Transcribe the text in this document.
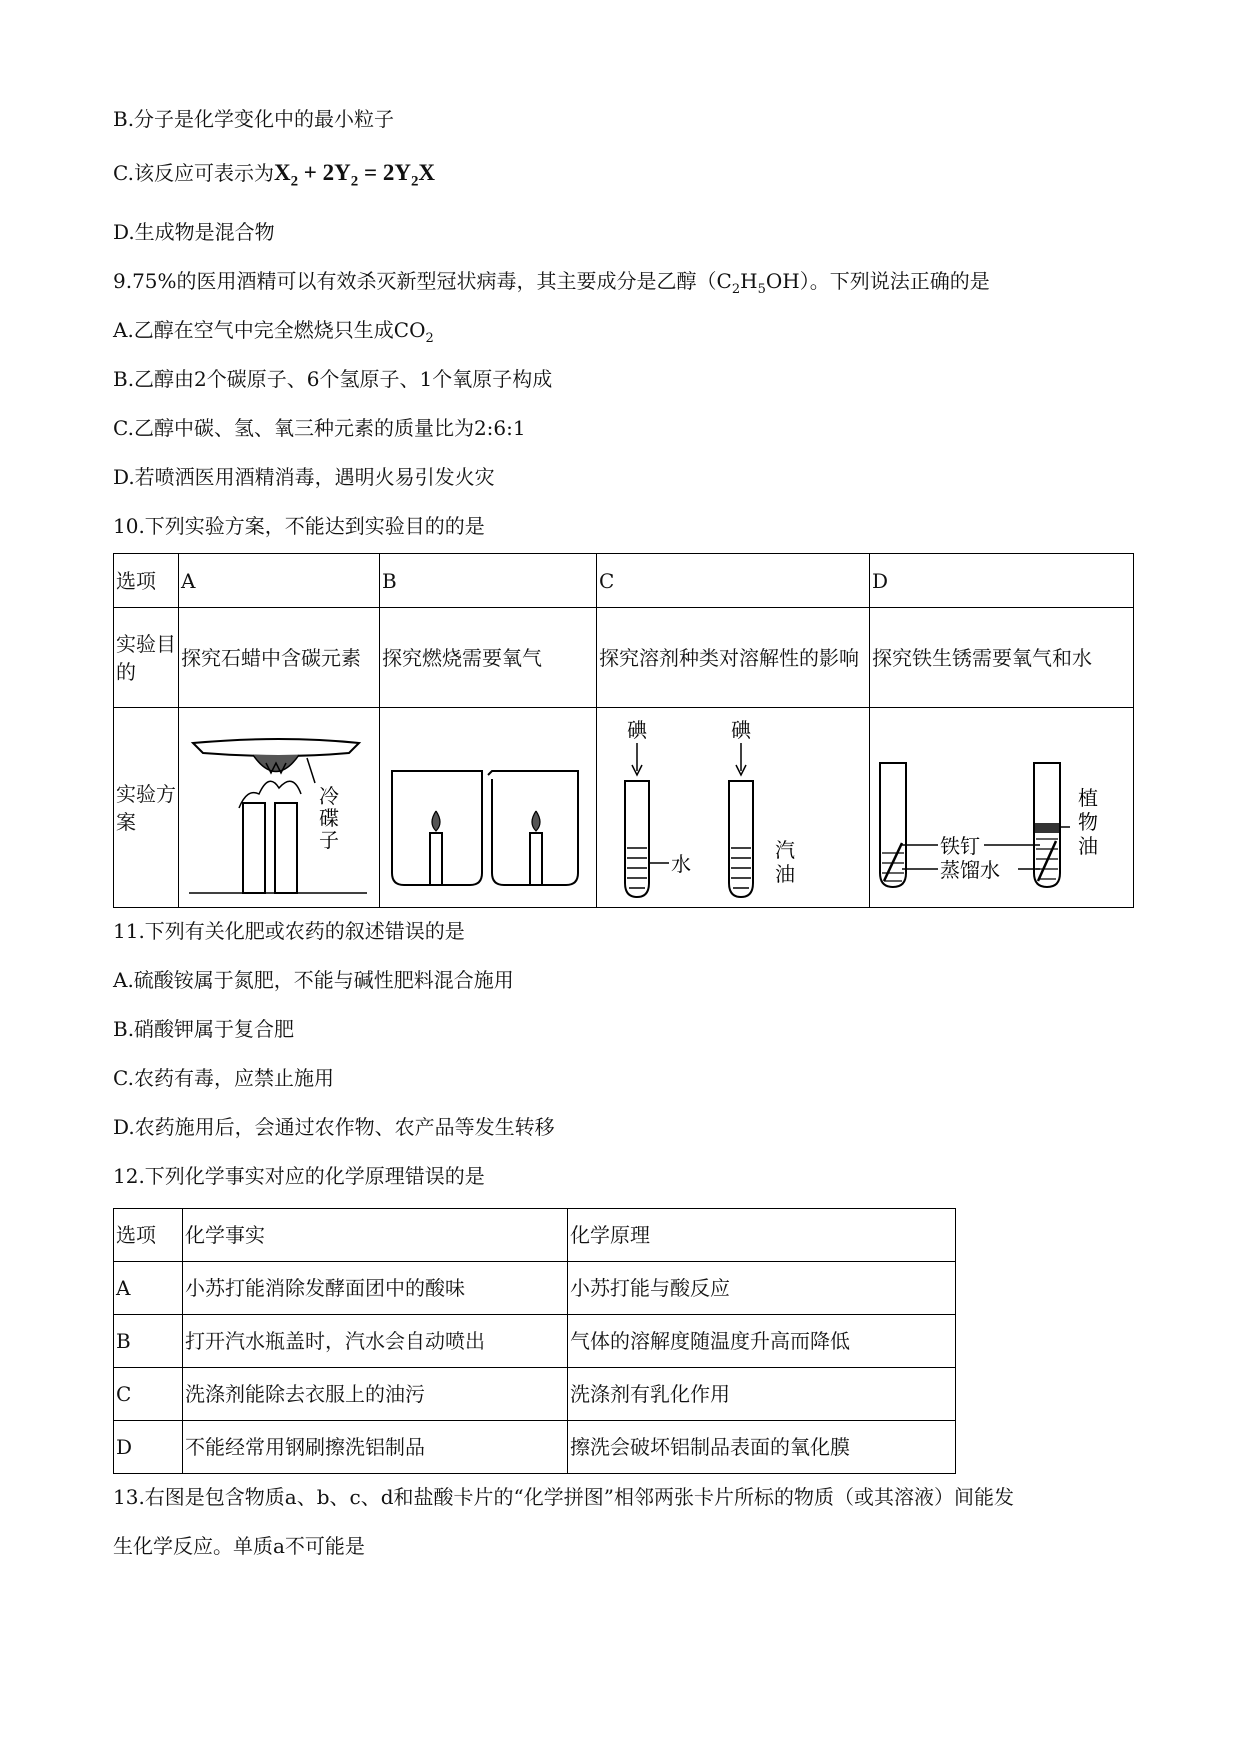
B.分子是化学变化中的最小粒子
C.该反应可表示为$X_2 + 2Y_2 = 2Y_2X$
D.生成物是混合物
9.75%的医用酒精可以有效杀灭新型冠状病毒，其主要成分是乙醇$(C_2H_5OH)$。下列说法正确的是
A.乙醇在空气中完全燃烧只生成$CO_2$
B.乙醇由2个碳原子、6个氢原子、1个氧原子构成
C.乙醇中碳、氢、氧三种元素的质量比为2:6:1
D.若喷洒医用酒精消毒，遇明火易引发火灾
10.下列实验方案，不能达到实验目的的是
选项	A	B	C	D
实验目的	探究石蜡中含碳元素	探究燃烧需要氧气	探究溶剂种类对溶解性的影响	探究铁生锈需要氧气和水
实验方案	冷
碟
子		碘
水
碘
汽
油	铁钉
蒸馏水
植
物
油
11.下列有关化肥或农药的叙述错误的是
A.硫酸铵属于氮肥，不能与碱性肥料混合施用
B.硝酸钾属于复合肥
C.农药有毒，应禁止施用
D.农药施用后，会通过农作物、农产品等发生转移
12.下列化学事实对应的化学原理错误的是
选项	化学事实	化学原理
A	小苏打能消除发酵面团中的酸味	小苏打能与酸反应
B	打开汽水瓶盖时，汽水会自动喷出	气体的溶解度随温度升高而降低
C	洗涤剂能除去衣服上的油污	洗涤剂有乳化作用
D	不能经常用钢刷擦洗铝制品	擦洗会破坏铝制品表面的氧化膜
13.右图是包含物质a、b、c、d和盐酸卡片的“化学拼图”相邻两张卡片所标的物质（或其溶液）间能发
生化学反应。单质a不可能是
